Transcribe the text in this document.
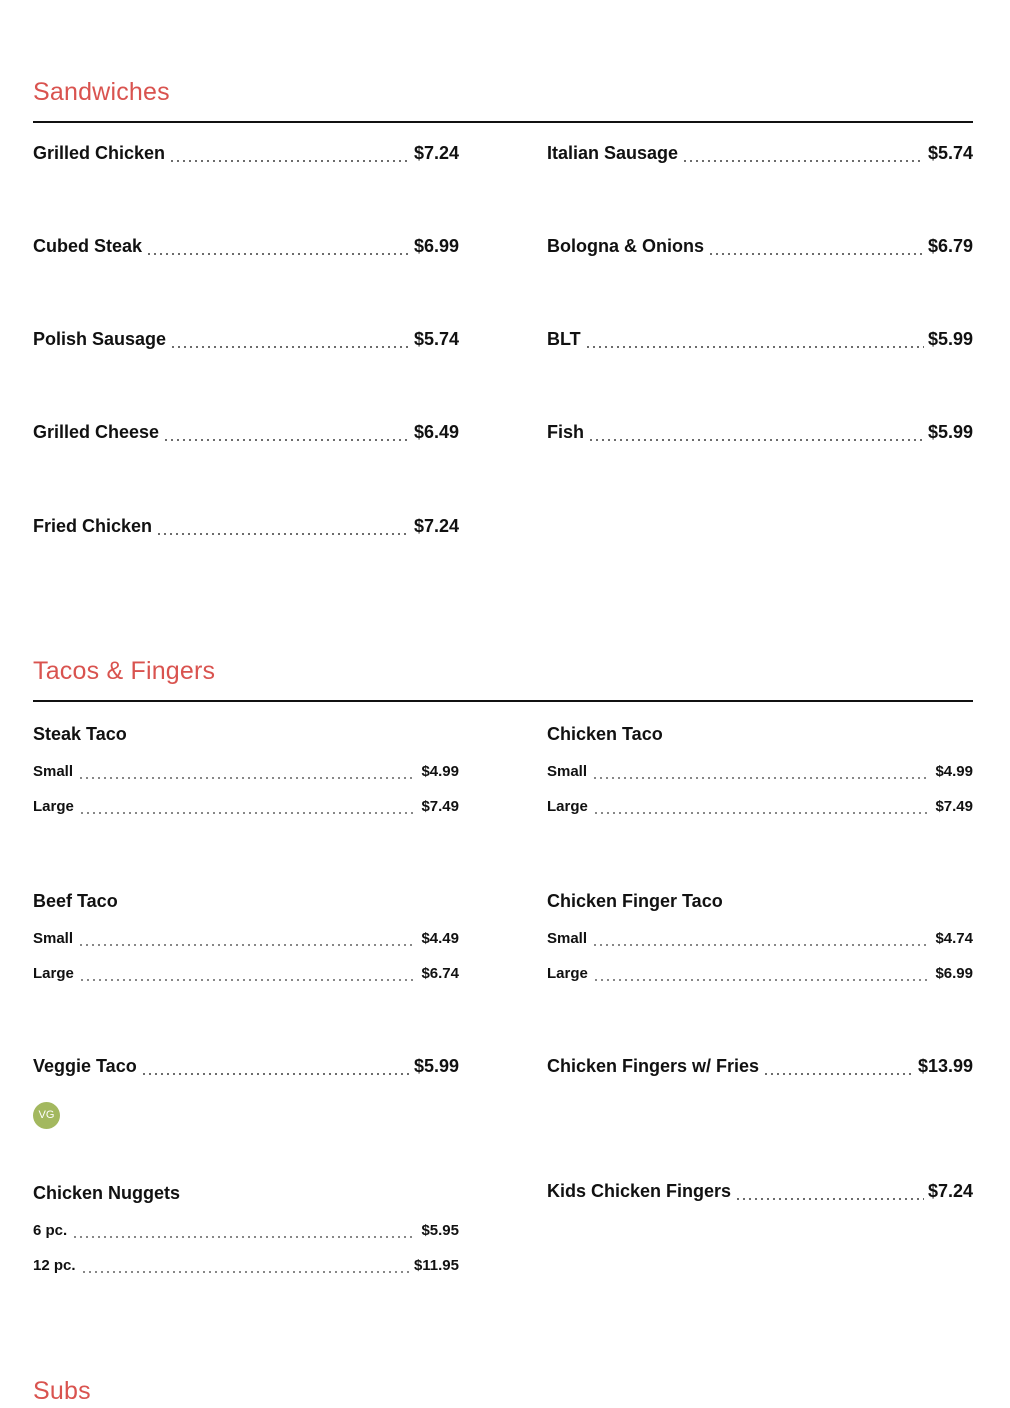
Sandwiches
Grilled Chicken	$7.24
Cubed Steak	$6.99
Polish Sausage	$5.74
Grilled Cheese	$6.49
Fried Chicken	$7.24
Italian Sausage	$5.74
Bologna & Onions	$6.79
BLT	$5.99
Fish	$5.99
Tacos & Fingers
Steak Taco
Small	$4.99
Large	$7.49
Chicken Taco
Small	$4.99
Large	$7.49
Beef Taco
Small	$4.49
Large	$6.74
Chicken Finger Taco
Small	$4.74
Large	$6.99
Veggie Taco	$5.99
VG
Chicken Fingers w/ Fries	$13.99
Chicken Nuggets
6 pc.	$5.95
12 pc.	$11.95
Kids Chicken Fingers	$7.24
Subs
